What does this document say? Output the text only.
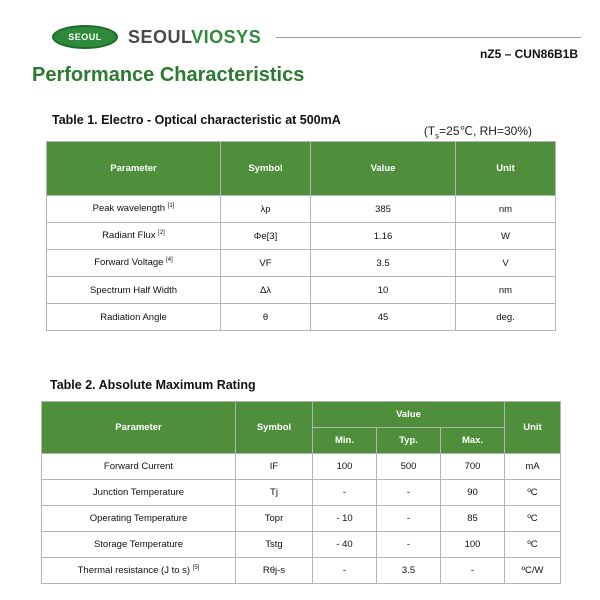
SEOUL	SEOULVIOSYS
nZ5 – CUN86B1B
Performance Characteristics
Table 1. Electro - Optical characteristic at 500mA
($T_s=25℃$, RH=30%)
Parameter	Symbol	Value	Unit
Peak wavelength [1]	λp	385	nm
Radiant Flux [2]	Φe[3]	1.16	W
Forward Voltage [4]	VF	3.5	V
Spectrum Half Width	Δλ	10	nm
Radiation Angle	θ	45	deg.
Table 2. Absolute Maximum Rating
Parameter	Symbol	Value			Unit
		Min.	Typ.	Max.	
Forward Current	IF	100	500	700	mA
Junction Temperature	Tj	-	-	90	ºC
Operating Temperature	Topr	- 10	-	85	ºC
Storage Temperature	Tstg	- 40	-	100	ºC
Thermal resistance (J to s) [5]	Rθj-s	-	3.5	-	ºC/W
